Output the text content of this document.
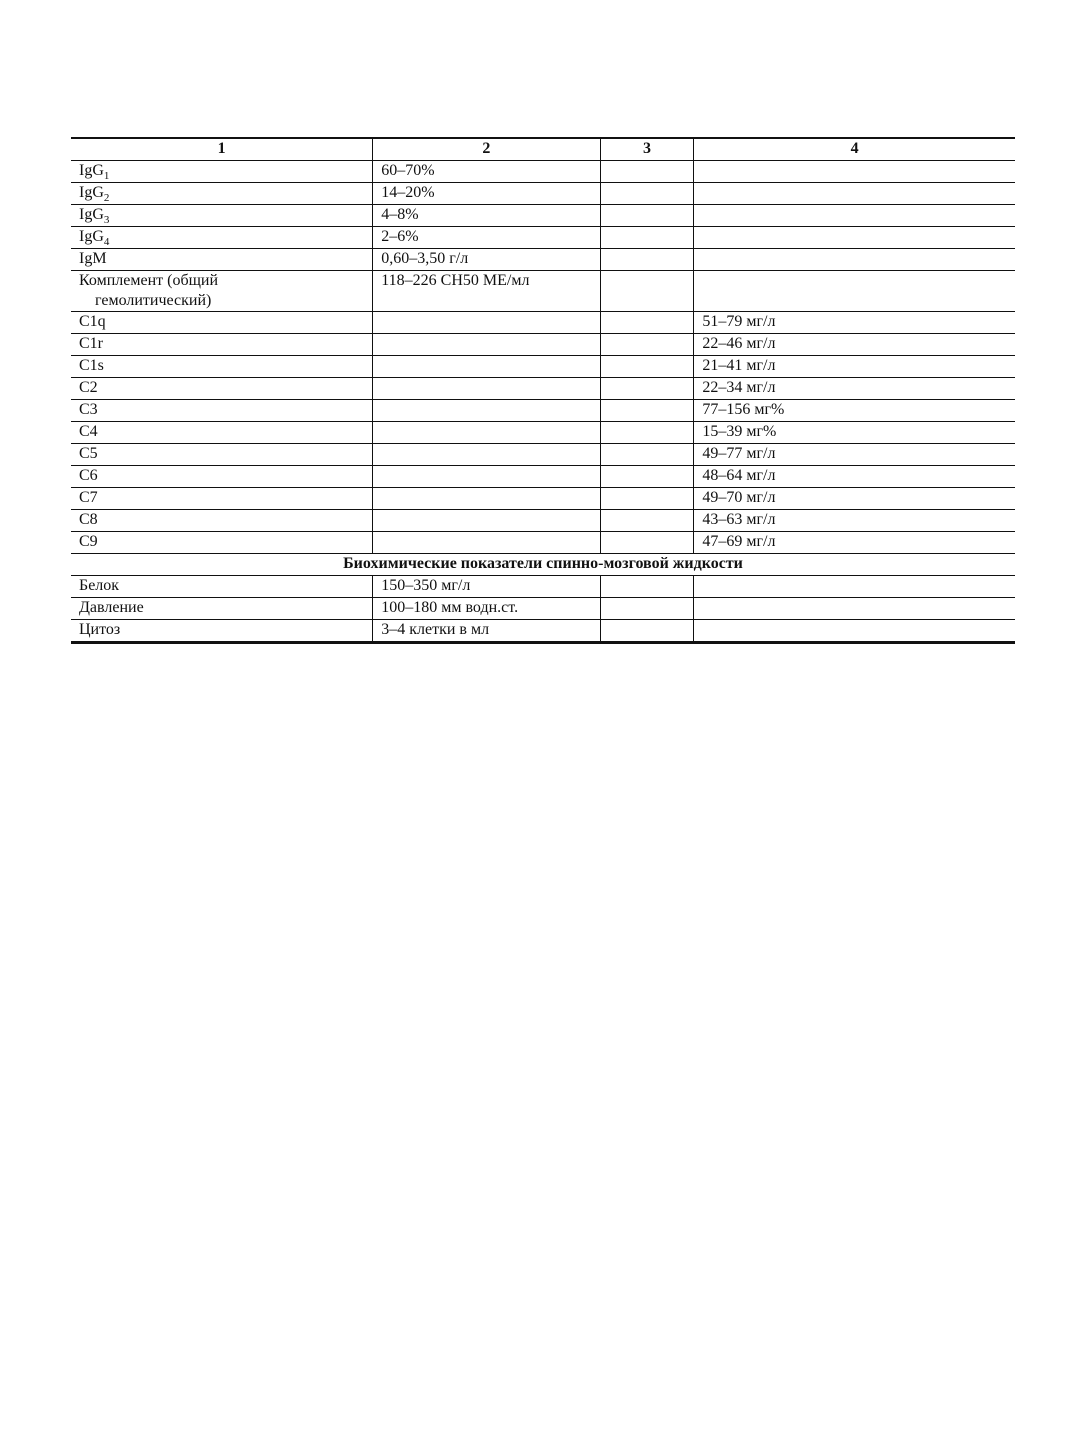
1	2	3	4
IgG$_1$	60–70%		
IgG$_2$	14–20%		
IgG$_3$	4–8%		
IgG$_4$	2–6%		
IgM	0,60–3,50 г/л		

Комплемент (общий
гемолитический)	118–226 CH50 МЕ/мл		
C1q			51–79 мг/л
C1r			22–46 мг/л
C1s			21–41 мг/л
C2			22–34 мг/л
C3			77–156 мг%
C4			15–39 мг%
C5			49–77 мг/л
C6			48–64 мг/л
C7			49–70 мг/л
C8			43–63 мг/л
C9			47–69 мг/л
Биохимические показатели спинно-мозговой жидкости			
Белок	150–350 мг/л		
Давление	100–180 мм водн.ст.		
Цитоз	3–4 клетки в мл		
